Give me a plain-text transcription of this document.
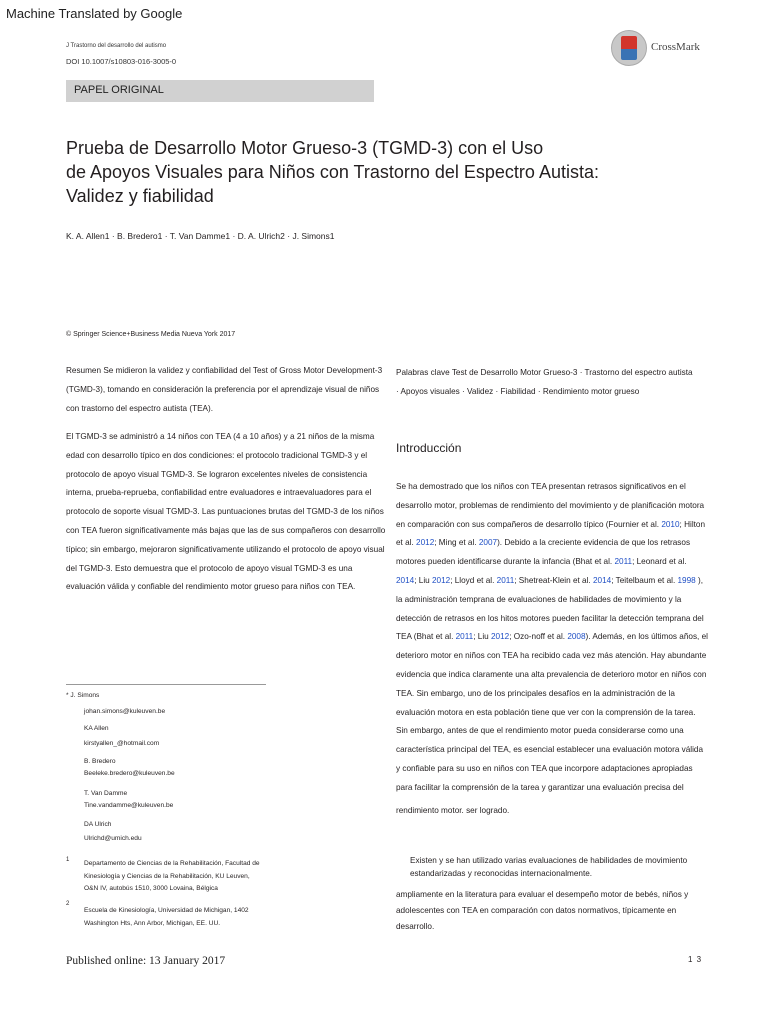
Machine Translated by Google
J Trastorno del desarrollo del autismo
DOI 10.1007/s10803-016-3005-0
CrossMark
PAPEL ORIGINAL
Prueba de Desarrollo Motor Grueso-3 (TGMD-3) con el Uso
de Apoyos Visuales para Niños con Trastorno del Espectro Autista:
Validez y fiabilidad
K. A. Allen1 · B. Bredero1 · T. Van Damme1 · D. A. Ulrich2 · J. Simons1
© Springer Science+Business Media Nueva York 2017
Resumen Se midieron la validez y confiabilidad del Test of Gross Motor Development-3 (TGMD-3), tomando en consideración la preferencia por el aprendizaje visual de niños con trastorno del espectro autista (TEA).
El TGMD-3 se administró a 14 niños con TEA (4 a 10 años) y a 21 niños de la misma edad con desarrollo típico en dos condiciones: el protocolo tradicional TGMD-3 y el protocolo de apoyo visual TGMD-3. Se lograron excelentes niveles de consistencia interna, prueba-reprueba, confiabilidad entre evaluadores e intraevaluadores para el protocolo de soporte visual TGMD-3. Las puntuaciones brutas del TGMD-3 de los niños con TEA fueron significativamente más bajas que las de sus compañeros con desarrollo típico; sin embargo, mejoraron significativamente utilizando el protocolo de apoyo visual del TGMD-3. Esto demuestra que el protocolo de apoyo visual TGMD-3 es una evaluación válida y confiable del rendimiento motor grueso para niños con TEA.
Palabras clave Test de Desarrollo Motor Grueso-3 · Trastorno del espectro autista · Apoyos visuales · Validez · Fiabilidad · Rendimiento motor grueso
Introducción

Se ha demostrado que los niños con TEA presentan retrasos significativos en el desarrollo motor, problemas de rendimiento del movimiento y de planificación motora en comparación con sus compañeros de desarrollo típico (Fournier et al. 2010; Hilton et al. 2012; Ming et al. 2007). Debido a la creciente evidencia de que los retrasos motores pueden identificarse durante la infancia (Bhat et al. 2011; Leonard et al. 2014; Liu 2012; Lloyd et al. 2011; Shetreat-Klein et al. 2014; Teitelbaum et al. 1998 ), la administración temprana de evaluaciones de habilidades de movimiento y la detección de retrasos en los hitos motores pueden facilitar la detección temprana del TEA (Bhat et al. 2011; Liu 2012; Ozo-noff et al. 2008). Además, en los últimos años, el deterioro motor en niños con TEA ha recibido cada vez más atención. Hay abundante evidencia que indica claramente una alta prevalencia de deterioro motor en niños con TEA. Sin embargo, uno de los principales desafíos en la administración de la evaluación motora en esta población tiene que ver con la comprensión de la tarea. Sin embargo, antes de que el rendimiento motor pueda considerarse como una característica principal del TEA, es esencial establecer una evaluación motora válida y confiable para su uso en niños con TEA que incorpore adaptaciones apropiadas para facilitar la comprensión de la tarea y garantizar una evaluación precisa del

rendimiento motor. ser logrado.

* J. Simons
johan.simons@kuleuven.be
KA Allen
kirstyallen_@hotmail.com
B. Bredero
Beeleke.bredero@kuleuven.be
T. Van Damme
Tine.vandamme@kuleuven.be
DA Ulrich
Ulrichd@umich.edu
1 Departamento de Ciencias de la Rehabilitación, Facultad de
Kinesiología y Ciencias de la Rehabilitación, KU Leuven,
O&N IV, autobús 1510, 3000 Lovaina, Bélgica
2
Escuela de Kinesiología, Universidad de Michigan, 1402
Washington Hts, Ann Arbor, Michigan, EE. UU.
Existen y se han utilizado varias evaluaciones de habilidades de movimiento estandarizadas y reconocidas internacionalmente.
ampliamente en la literatura para evaluar el desempeño motor de bebés, niños y adolescentes con TEA en comparación con datos normativos, típicamente en desarrollo.
Published online: 13 January 2017	1 3
